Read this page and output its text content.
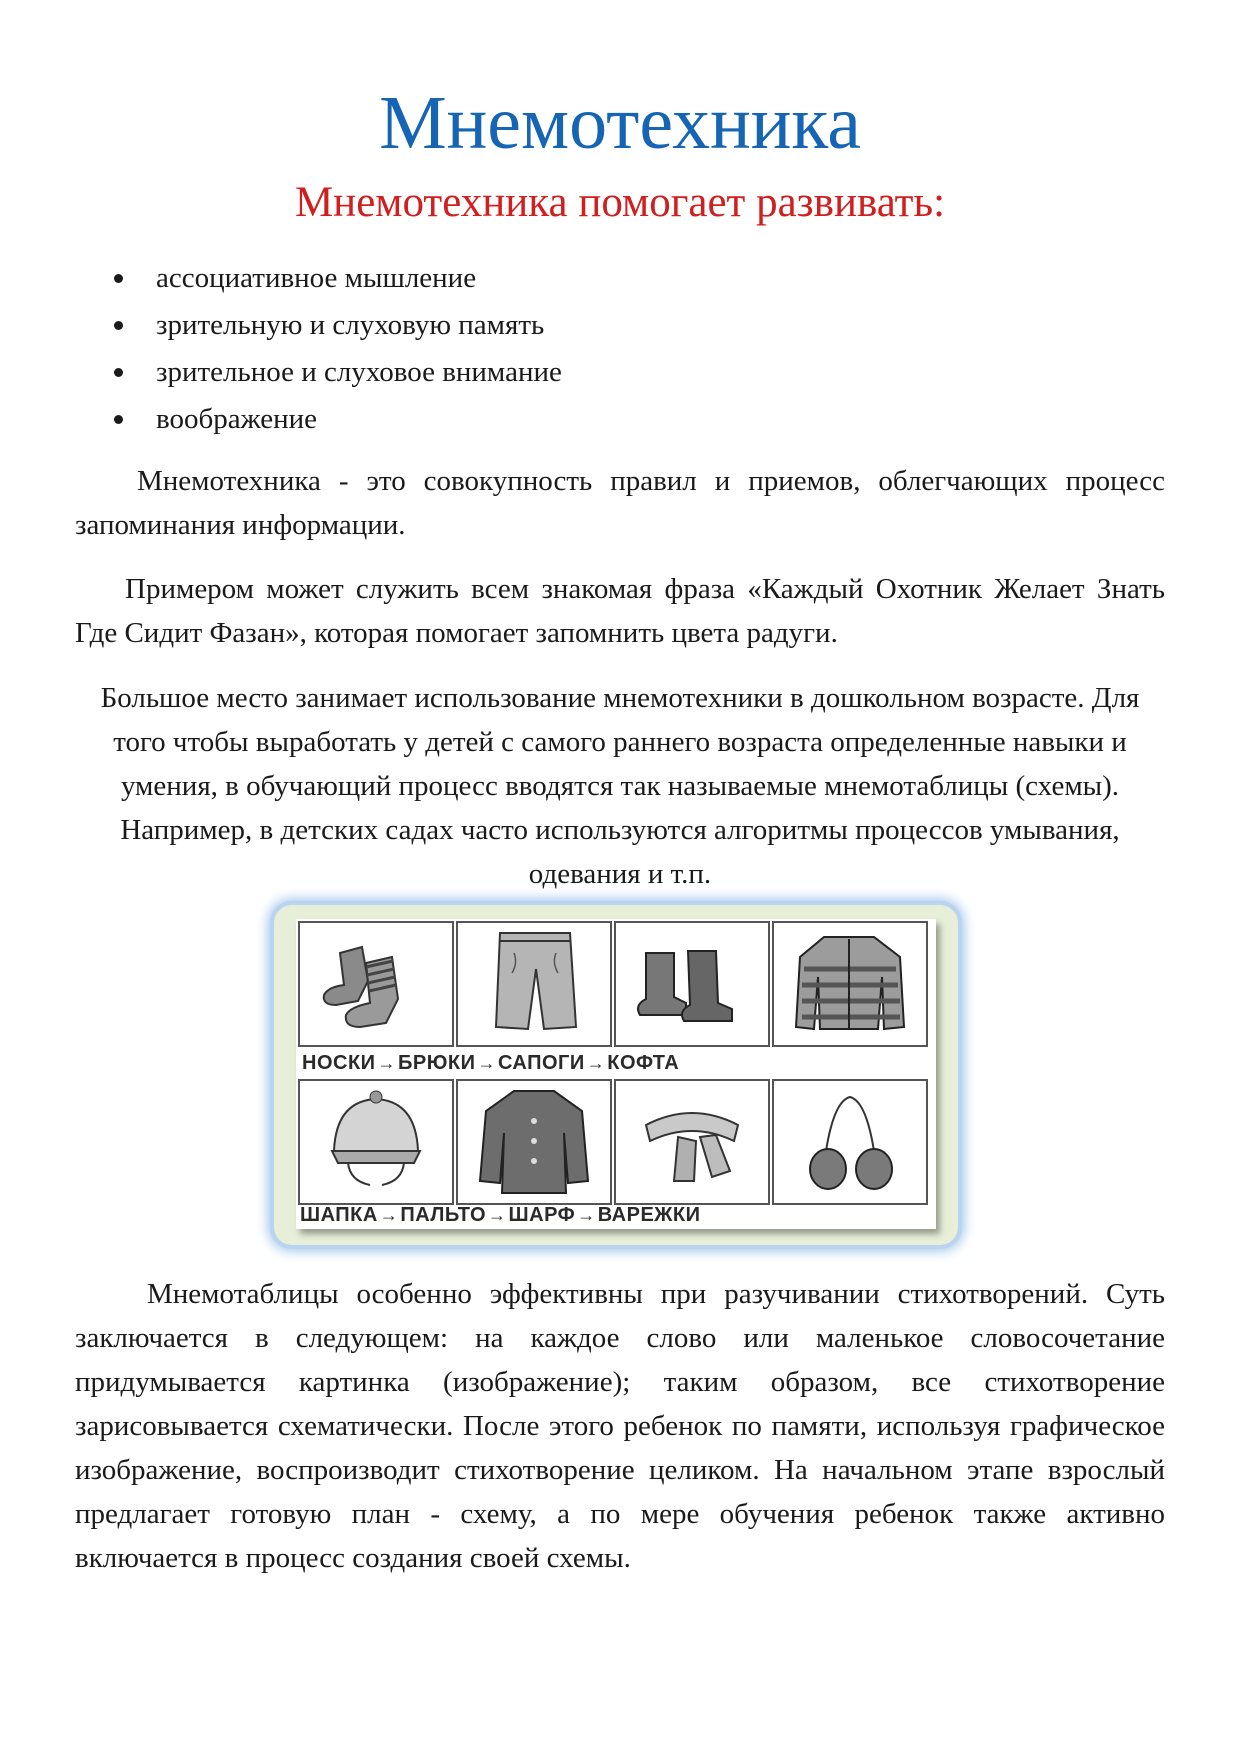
Мнемотехника
Мнемотехника помогает развивать:
ассоциативное мышление
зрительную и слуховую память
зрительное и слуховое внимание
воображение

Мнемотехника - это совокупность правил и приемов, облегчающих процесс запоминания информации.

Примером может служить всем знакомая фраза «Каждый Охотник Желает Знать Где Сидит Фазан», которая помогает запомнить цвета радуги.

Большое место занимает использование мнемотехники в дошкольном возрасте. Для того чтобы выработать у детей с самого раннего возраста определенные навыки и умения, в обучающий процесс вводятся так называемые мнемотаблицы (схемы). Например, в детских садах часто используются алгоритмы процессов умывания, одевания и т.п.

НОСКИ → БРЮКИ → САПОГИ → КОФТА
ШАПКА → ПАЛЬТО → ШАРФ → ВАРЕЖКИ

Мнемотаблицы особенно эффективны при разучивании стихотворений. Суть заключается в следующем: на каждое слово или маленькое словосочетание придумывается картинка (изображение); таким образом, все стихотворение зарисовывается схематически. После этого ребенок по памяти, используя графическое изображение, воспроизводит стихотворение целиком. На начальном этапе взрослый предлагает готовую план - схему, а по мере обучения ребенок также активно включается в процесс создания своей схемы.
